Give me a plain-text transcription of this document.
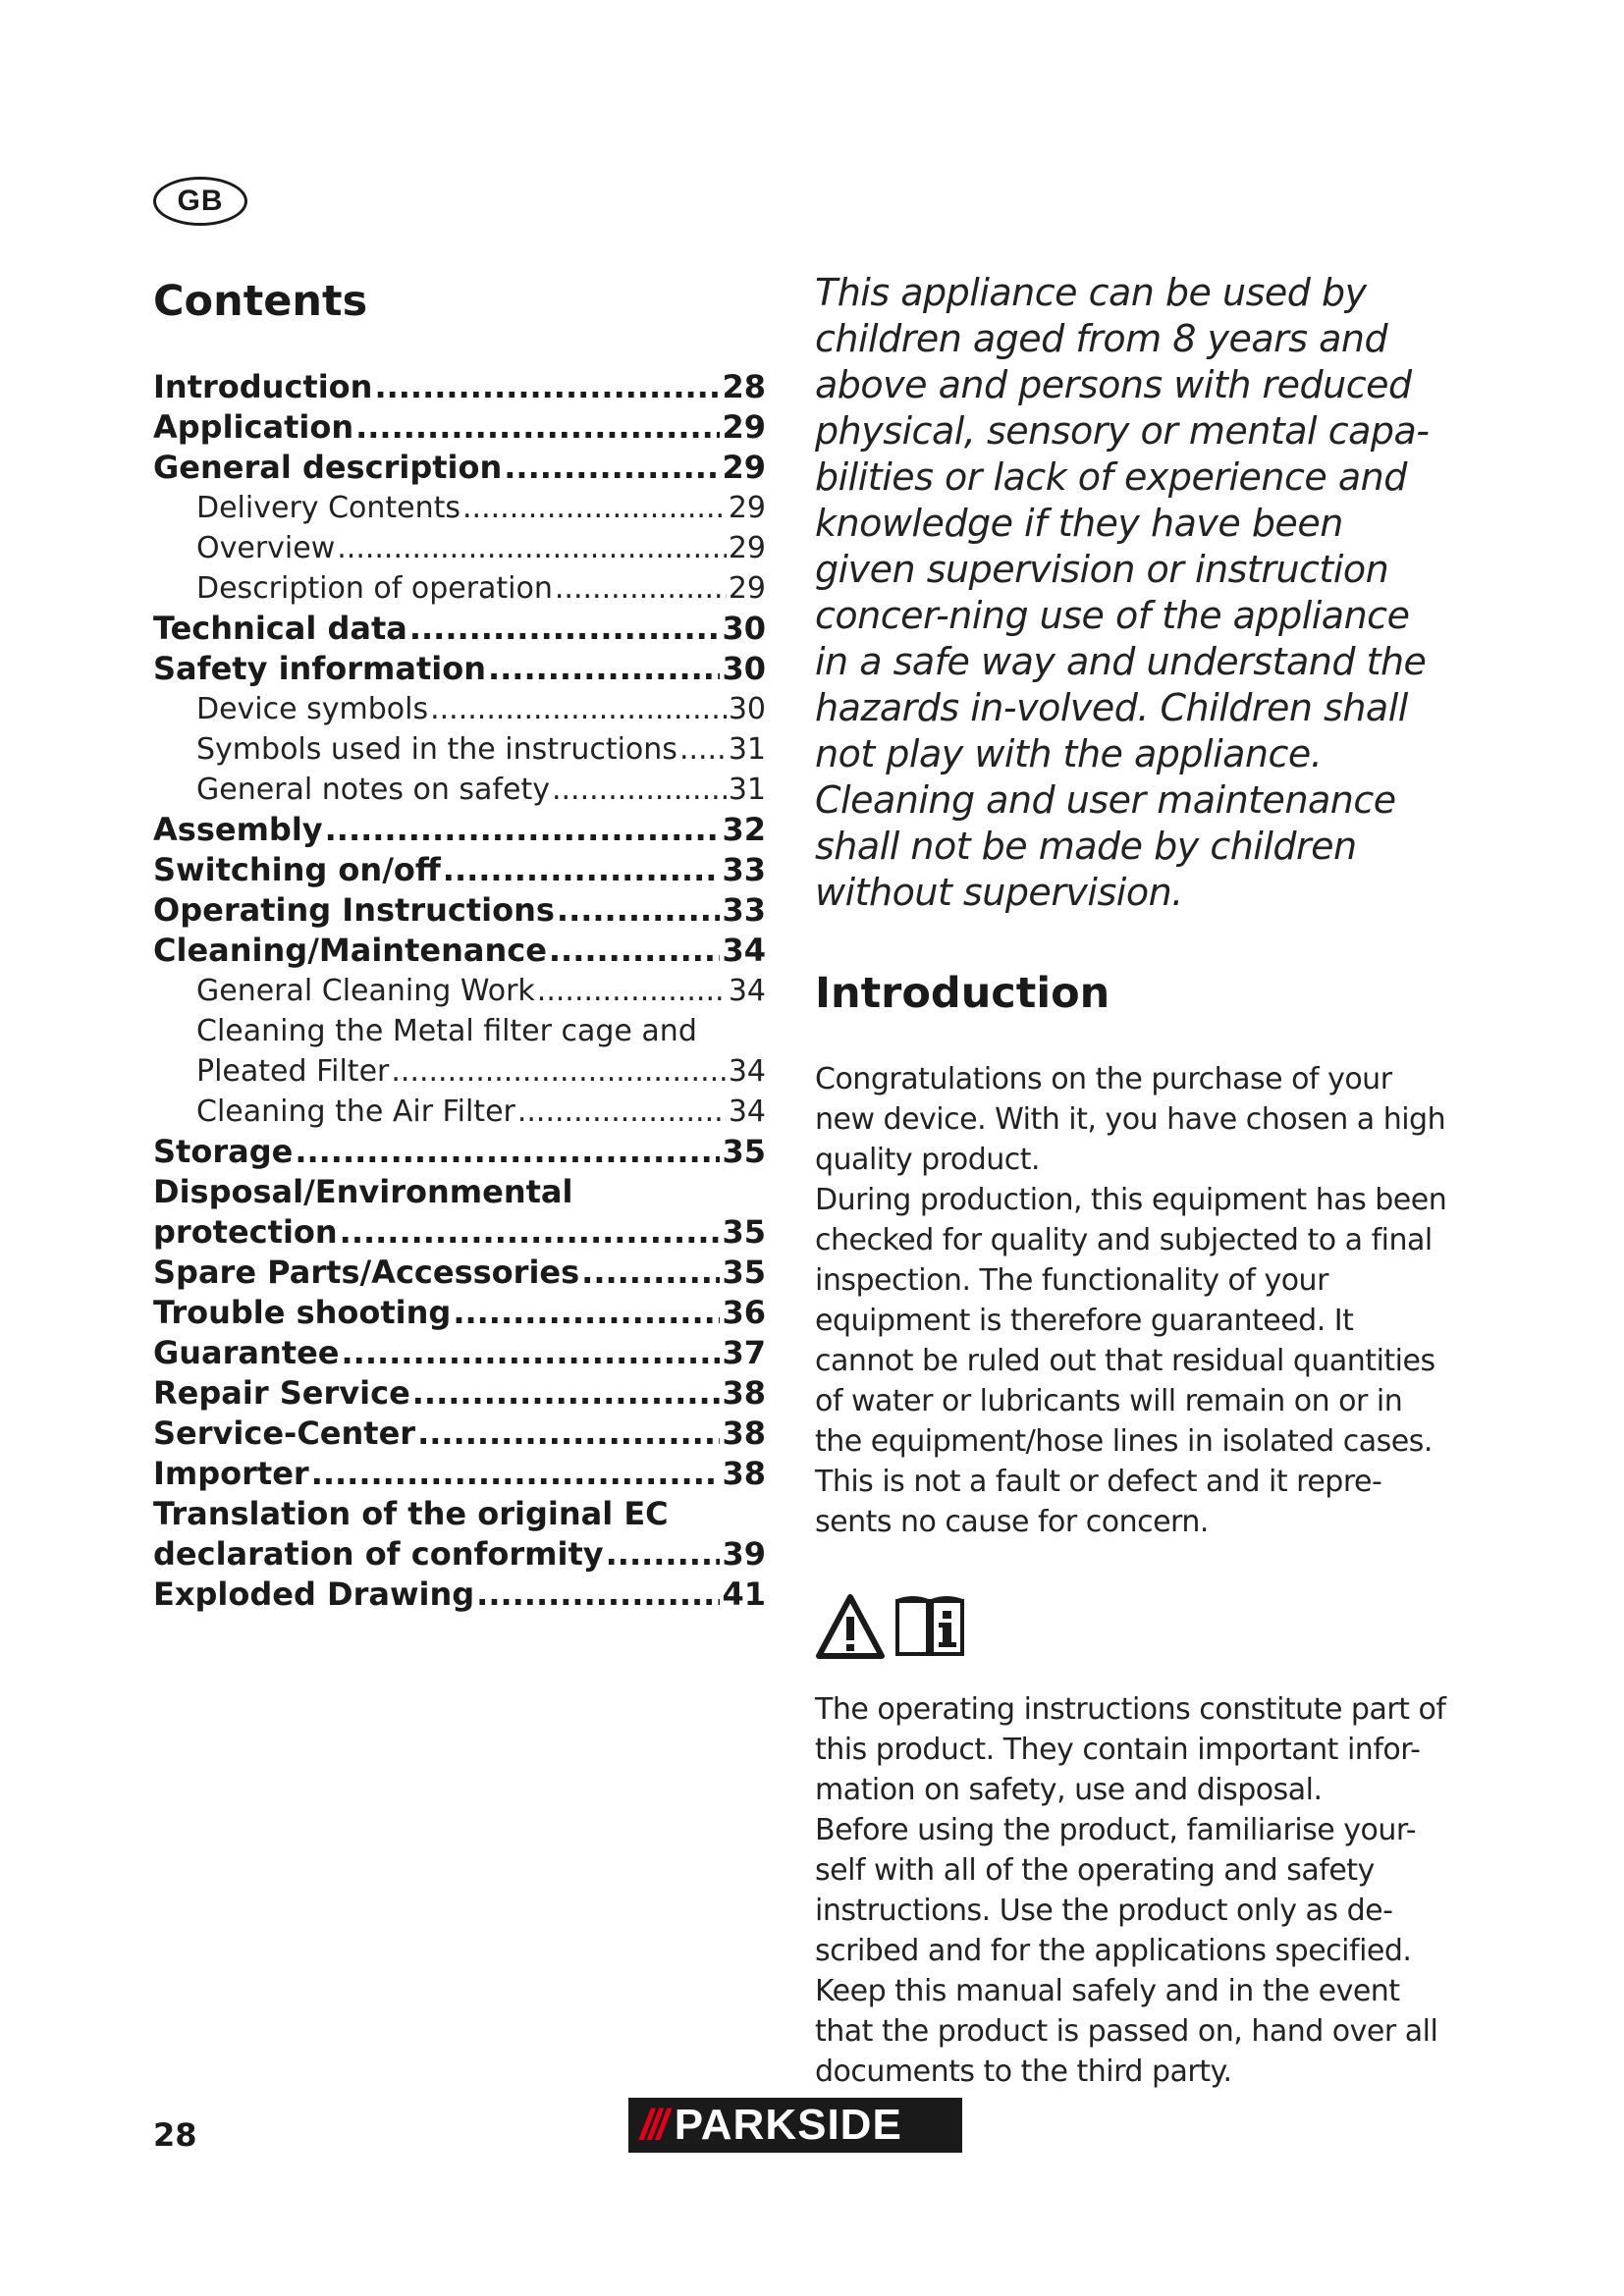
GB
Contents
Introduction .....	28
Application .....	29
General description .....	29
Delivery Contents .....	29
Overview .....	29
Description of operation .....	29
Technical data .....	30
Safety information .....	30
Device symbols .....	30
Symbols used in the instructions ..... 31
General notes on safety .....	31
Assembly .....	32
Switching on/off .....	33
Operating Instructions .....	33
Cleaning/Maintenance .....	34
General Cleaning Work .....	34
Cleaning the Metal filter cage and
Pleated Filter .....	34
Cleaning the Air Filter .....	34
Storage .....	35
Disposal/Environmental
protection .....	35
Spare Parts/Accessories .....	35
Trouble shooting .....	36
Guarantee .....	37
Repair Service .....	38
Service-Center .....	38
Importer .....	38
Translation of the original EC
declaration of conformity .....	39
Exploded Drawing .....	41

This appliance can be used by children aged from 8 years and above and persons with reduced physical, sensory or mental capa-bilities or lack of experience and knowledge if they have been given supervision or instruction concer-ning use of the appliance in a safe way and understand the hazards in-volved. Children shall not play with the appliance. Cleaning and user maintenance shall not be made by children without supervision.

Introduction

Congratulations on the purchase of your new device. With it, you have chosen a high quality product.

During production, this equipment has been checked for quality and subjected to a final inspection. The functionality of your equipment is therefore guaranteed. It cannot be ruled out that residual quantities of water or lubricants will remain on or in the equipment/hose lines in isolated cases. This is not a fault or defect and it repre-sents no cause for concern.

The operating instructions constitute part of this product. They contain important infor-mation on safety, use and disposal.

Before using the product, familiarise your-self with all of the operating and safety instructions. Use the product only as de-scribed and for the applications specified. Keep this manual safely and in the event that the product is passed on, hand over all documents to the third party.

28	/// PARKSIDE
